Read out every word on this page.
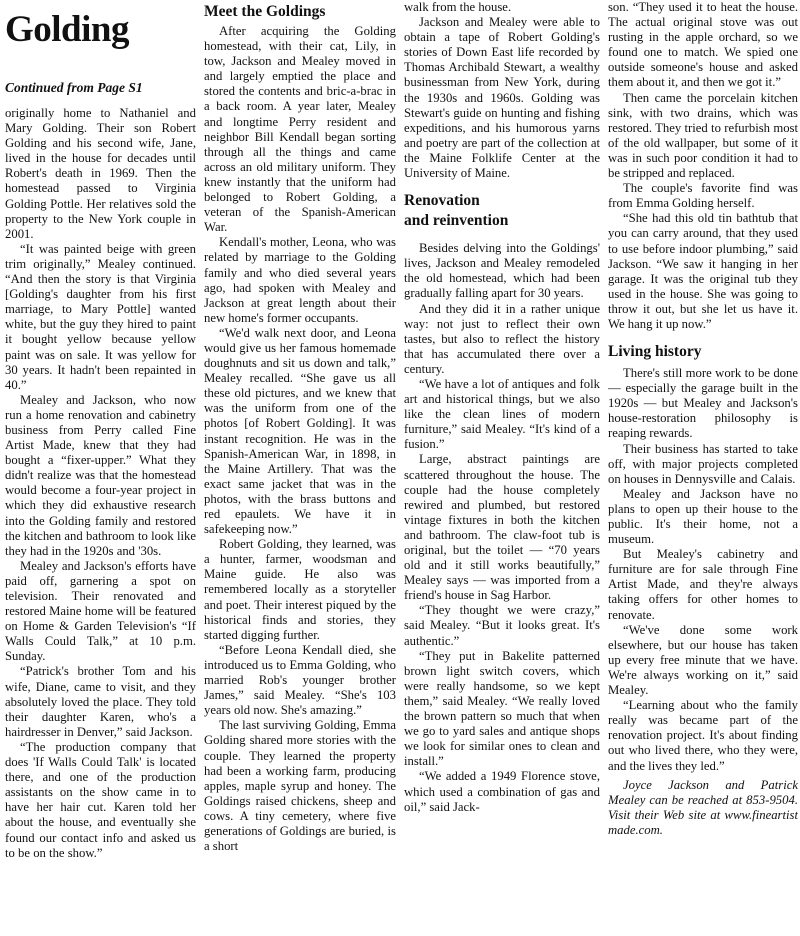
Golding
Continued from Page S1

originally home to Nathaniel and Mary Golding. Their son Robert Golding and his second wife, Jane, lived in the house for decades until Robert's death in 1969. Then the homestead passed to Virginia Golding Pottle. Her relatives sold the property to the New York couple in 2001.

“It was painted beige with green trim originally,” Mealey continued. “And then the story is that Virginia [Golding's daughter from his first marriage, to Mary Pottle] wanted white, but the guy they hired to paint it bought yellow because yellow paint was on sale. It was yellow for 30 years. It hadn't been repainted in 40.”

Mealey and Jackson, who now run a home renovation and cabinetry business from Perry called Fine Artist Made, knew that they had bought a “fixer-upper.” What they didn't realize was that the homestead would become a four-year project in which they did exhaustive research into the Golding family and restored the kitchen and bathroom to look like they had in the 1920s and '30s.

Mealey and Jackson's efforts have paid off, garnering a spot on television. Their renovated and restored Maine home will be featured on Home & Garden Television's “If Walls Could Talk,” at 10 p.m. Sunday.

“Patrick's brother Tom and his wife, Diane, came to visit, and they absolutely loved the place. They told their daughter Karen, who's a hairdresser in Denver,” said Jackson.

“The production company that does 'If Walls Could Talk' is located there, and one of the production assistants on the show came in to have her hair cut. Karen told her about the house, and eventually she found our contact info and asked us to be on the show.”

Meet the Goldings

After acquiring the Golding homestead, with their cat, Lily, in tow, Jackson and Mealey moved in and largely emptied the place and stored the contents and bric-a-brac in a back room. A year later, Mealey and longtime Perry resident and neighbor Bill Kendall began sorting through all the things and came across an old military uniform. They knew instantly that the uniform had belonged to Robert Golding, a veteran of the Spanish-American War.

Kendall's mother, Leona, who was related by marriage to the Golding family and who died several years ago, had spoken with Mealey and Jackson at great length about their new home's former occupants.

“We'd walk next door, and Leona would give us her famous homemade doughnuts and sit us down and talk,” Mealey recalled. “She gave us all these old pictures, and we knew that was the uniform from one of the photos [of Robert Golding]. It was instant recognition. He was in the Spanish-American War, in 1898, in the Maine Artillery. That was the exact same jacket that was in the photos, with the brass buttons and red epaulets. We have it in safekeeping now.”

Robert Golding, they learned, was a hunter, farmer, woodsman and Maine guide. He also was remembered locally as a storyteller and poet. Their interest piqued by the historical finds and stories, they started digging further.

“Before Leona Kendall died, she introduced us to Emma Golding, who married Rob's younger brother James,” said Mealey. “She's 103 years old now. She's amazing.”

The last surviving Golding, Emma Golding shared more stories with the couple. They learned the property had been a working farm, producing apples, maple syrup and honey. The Goldings raised chickens, sheep and cows. A tiny cemetery, where five generations of Goldings are buried, is a short

walk from the house.

Jackson and Mealey were able to obtain a tape of Robert Golding's stories of Down East life recorded by Thomas Archibald Stewart, a wealthy businessman from New York, during the 1930s and 1960s. Golding was Stewart's guide on hunting and fishing expeditions, and his humorous yarns and poetry are part of the collection at the Maine Folklife Center at the University of Maine.

Renovation
and reinvention

Besides delving into the Goldings' lives, Jackson and Mealey remodeled the old homestead, which had been gradually falling apart for 30 years.

And they did it in a rather unique way: not just to reflect their own tastes, but also to reflect the history that has accumulated there over a century.

“We have a lot of antiques and folk art and historical things, but we also like the clean lines of modern furniture,” said Mealey. “It's kind of a fusion.”

Large, abstract paintings are scattered throughout the house. The couple had the house completely rewired and plumbed, but restored vintage fixtures in both the kitchen and bathroom. The claw-foot tub is original, but the toilet — “70 years old and it still works beautifully,” Mealey says — was imported from a friend's house in Sag Harbor.

“They thought we were crazy,” said Mealey. “But it looks great. It's authentic.”

“They put in Bakelite patterned brown light switch covers, which were really handsome, so we kept them,” said Mealey. “We really loved the brown pattern so much that when we go to yard sales and antique shops we look for similar ones to clean and install.”

“We added a 1949 Florence stove, which used a combination of gas and oil,” said Jack-

son. “They used it to heat the house. The actual original stove was out rusting in the apple orchard, so we found one to match. We spied one outside someone's house and asked them about it, and then we got it.”

Then came the porcelain kitchen sink, with two drains, which was restored. They tried to refurbish most of the old wallpaper, but some of it was in such poor condition it had to be stripped and replaced.

The couple's favorite find was from Emma Golding herself.

“She had this old tin bathtub that you can carry around, that they used to use before indoor plumbing,” said Jackson. “We saw it hanging in her garage. It was the original tub they used in the house. She was going to throw it out, but she let us have it. We hang it up now.”

Living history

There's still more work to be done — especially the garage built in the 1920s — but Mealey and Jackson's house-restoration philosophy is reaping rewards.

Their business has started to take off, with major projects completed on houses in Dennysville and Calais.

Mealey and Jackson have no plans to open up their house to the public. It's their home, not a museum.

But Mealey's cabinetry and furniture are for sale through Fine Artist Made, and they're always taking offers for other homes to renovate.

“We've done some work elsewhere, but our house has taken up every free minute that we have. We're always working on it,” said Mealey.

“Learning about who the family really was became part of the renovation project. It's about finding out who lived there, who they were, and the lives they led.”

Joyce Jackson and Patrick Mealey can be reached at 853-9504. Visit their Web site at www.fineartist made.com.
